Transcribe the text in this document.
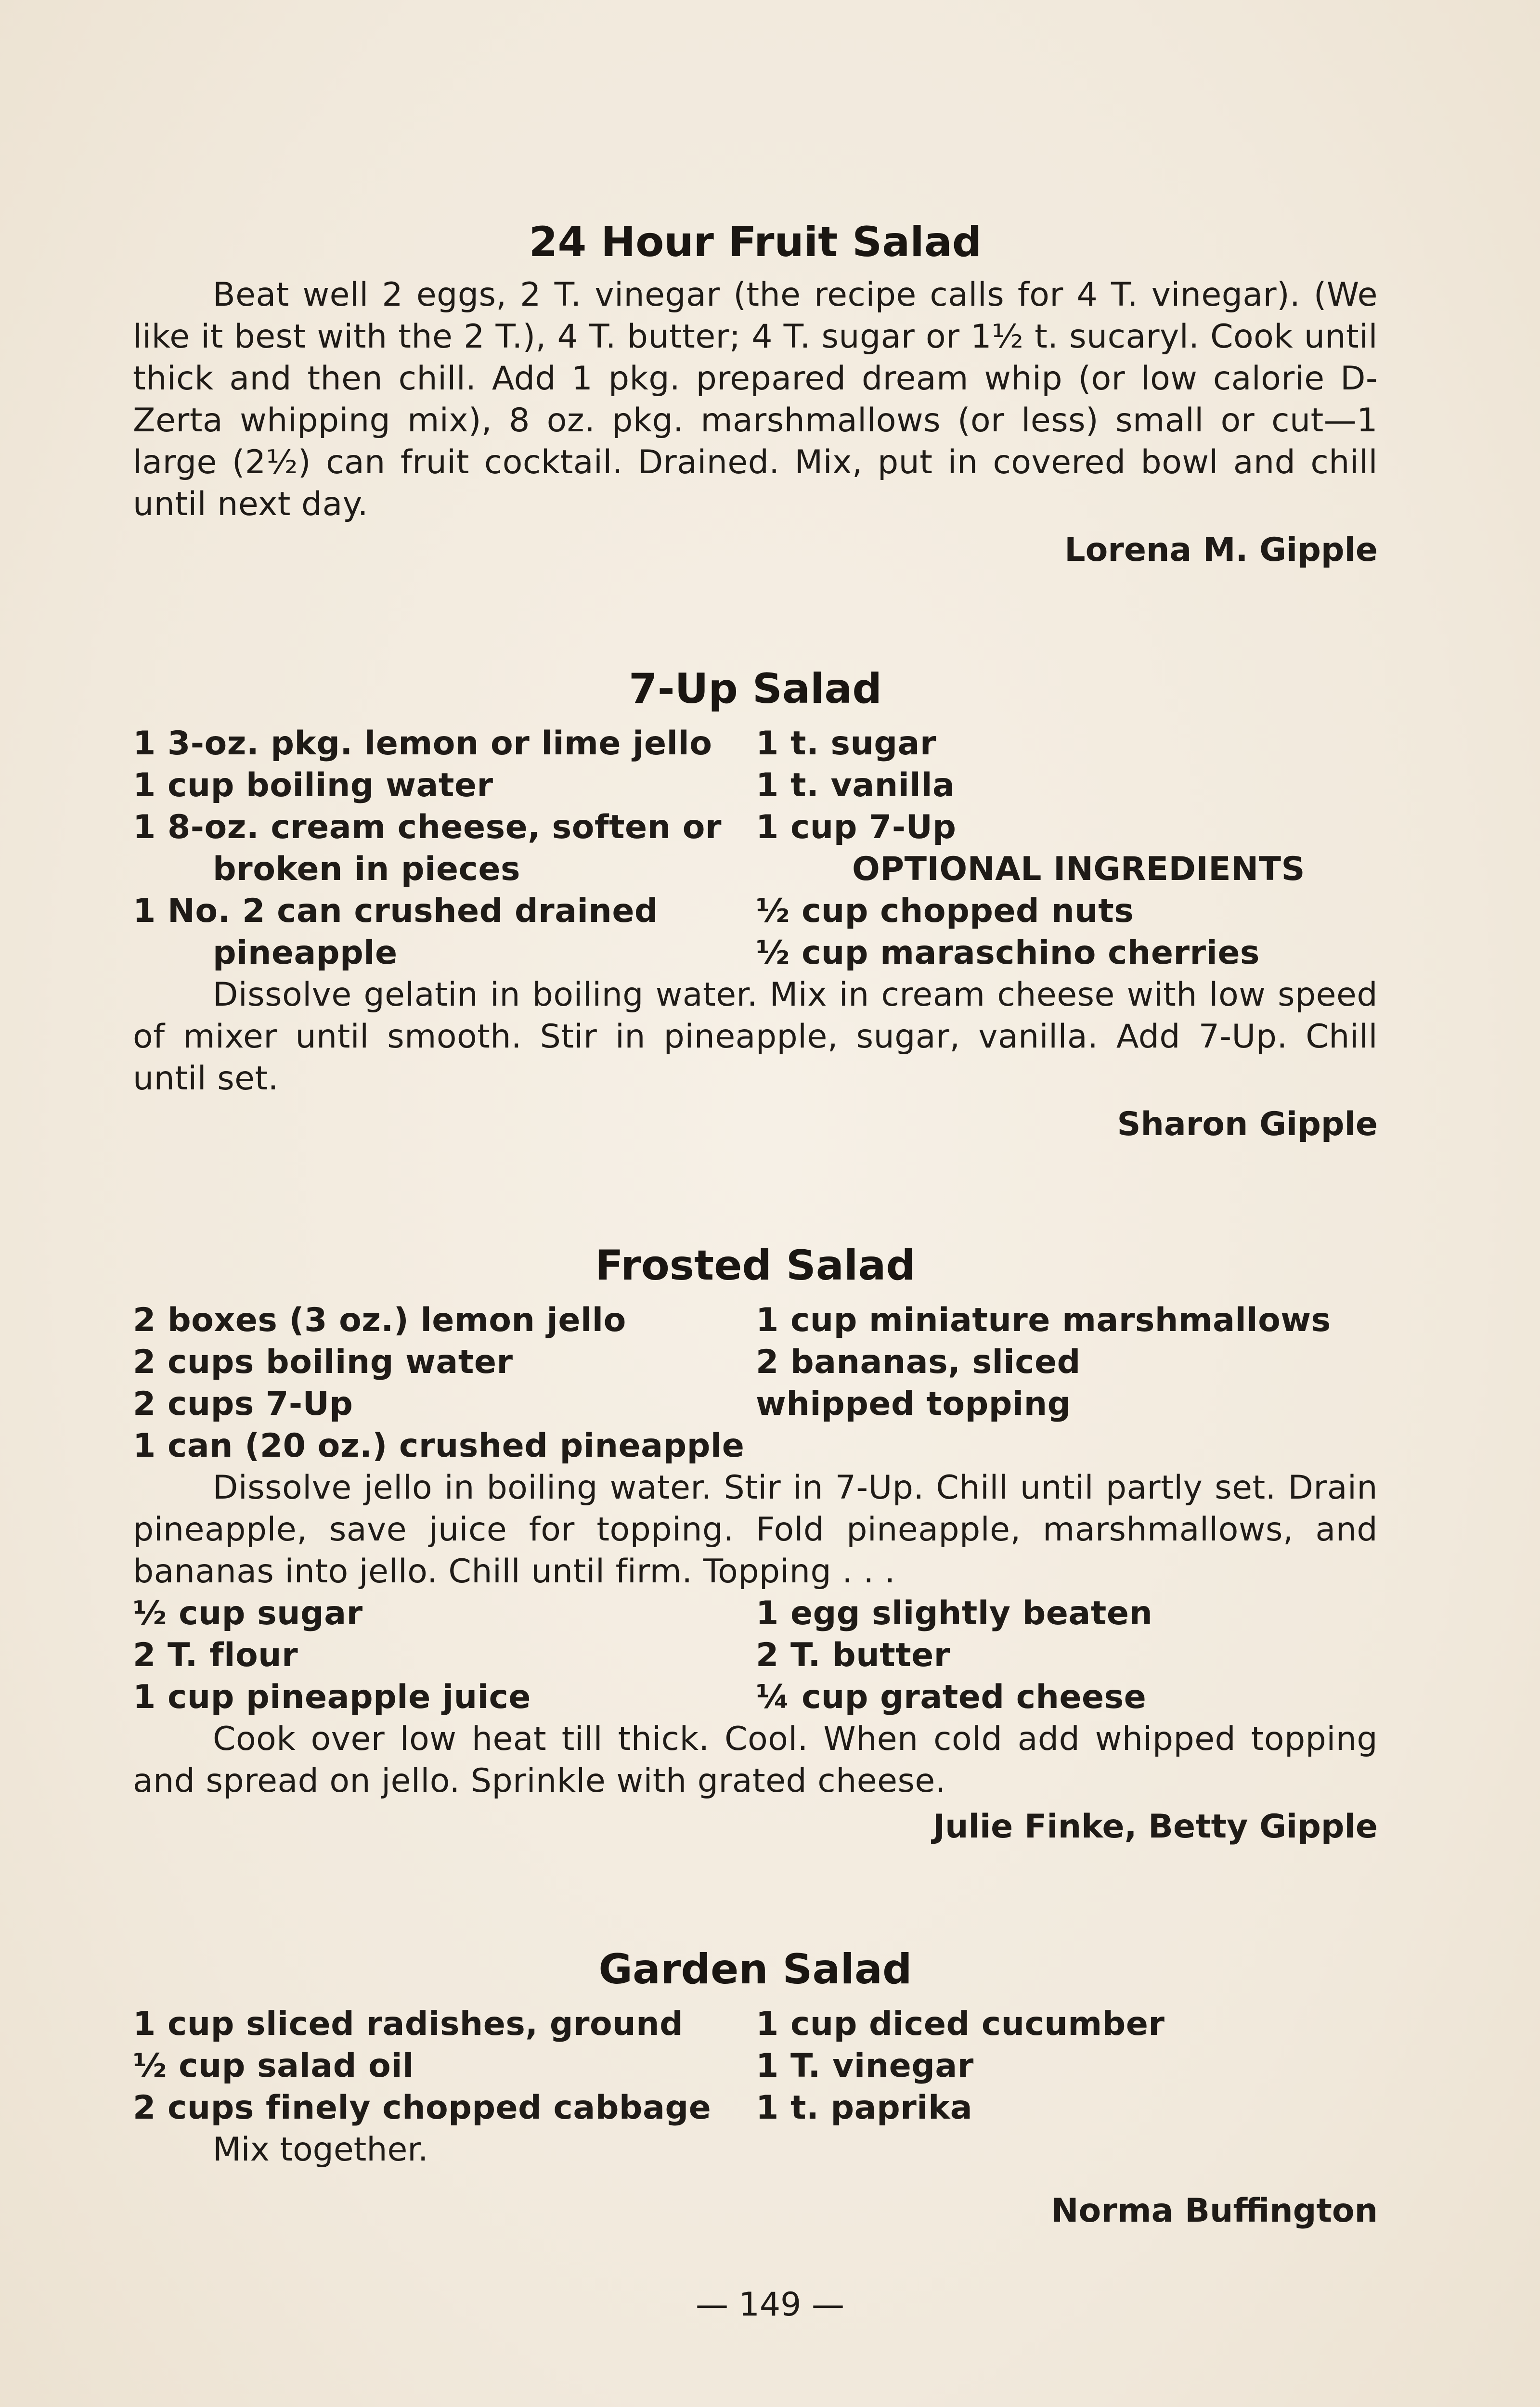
24 Hour Fruit Salad

Beat well 2 eggs, 2 T. vinegar (the recipe calls for 4 T. vinegar). (We like it best with the 2 T.), 4 T. butter; 4 T. sugar or 1½ t. sucaryl. Cook until thick and then chill. Add 1 pkg. prepared dream whip (or low calorie D-Zerta whipping mix), 8 oz. pkg. marshmallows (or less) small or cut—1 large (2½) can fruit cocktail. Drained. Mix, put in covered bowl and chill until next day.

Lorena M. Gipple

7-Up Salad
1 3-oz. pkg. lemon or lime jello
1 cup boiling water
1 8-oz. cream cheese, soften or
broken in pieces
1 No. 2 can crushed drained
pineapple
1 t. sugar
1 t. vanilla
1 cup 7-Up
OPTIONAL INGREDIENTS
½ cup chopped nuts
½ cup maraschino cherries

Dissolve gelatin in boiling water. Mix in cream cheese with low speed of mixer until smooth. Stir in pineapple, sugar, vanilla. Add 7-Up. Chill until set.

Sharon Gipple

Frosted Salad
2 boxes (3 oz.) lemon jello
2 cups boiling water
2 cups 7-Up
1 can (20 oz.) crushed pineapple
1 cup miniature marshmallows
2 bananas, sliced
whipped topping

Dissolve jello in boiling water. Stir in 7-Up. Chill until partly set. Drain pineapple, save juice for topping. Fold pineapple, marshmallows, and bananas into jello. Chill until firm. Topping . . .

½ cup sugar
2 T. flour
1 cup pineapple juice
1 egg slightly beaten
2 T. butter
¼ cup grated cheese

Cook over low heat till thick. Cool. When cold add whipped topping and spread on jello. Sprinkle with grated cheese.

Julie Finke, Betty Gipple

Garden Salad
1 cup sliced radishes, ground
½ cup salad oil
2 cups finely chopped cabbage
1 cup diced cucumber
1 T. vinegar
1 t. paprika

Mix together.

Norma Buffington

— 149 —
